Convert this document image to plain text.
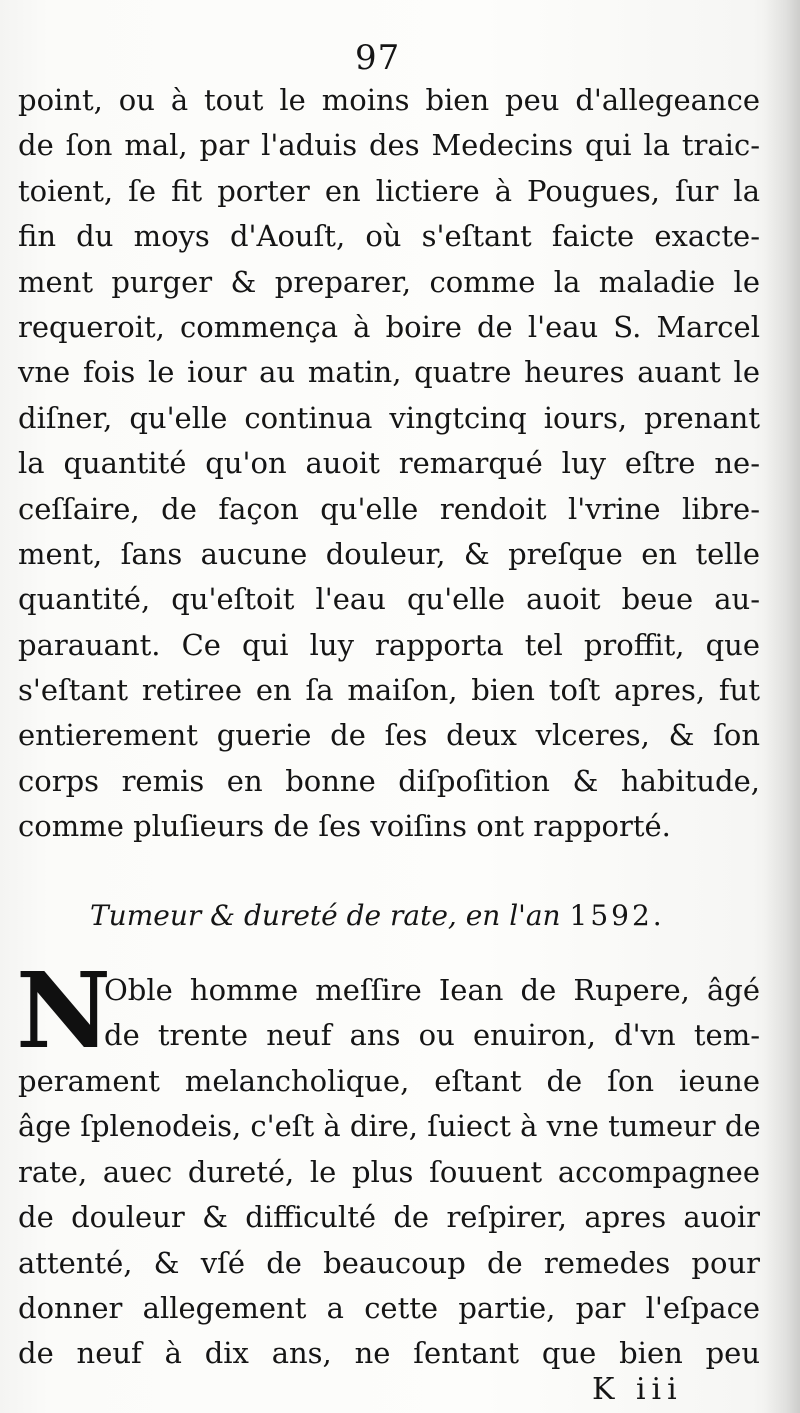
97
point, ou à tout le moins bien peu d'allegeance
de ſon mal, par l'aduis des Medecins qui la traic-
toient, ſe fit porter en lictiere à Pougues, ſur la
fin du moys d'Aouſt, où s'eſtant faicte exacte-
ment purger & preparer, comme la maladie le
requeroit, commença à boire de l'eau S. Marcel
vne fois le iour au matin, quatre heures auant le
diſner, qu'elle continua vingtcinq iours, prenant
la quantité qu'on auoit remarqué luy eſtre ne-
ceſſaire, de façon qu'elle rendoit l'vrine libre-
ment, ſans aucune douleur, & preſque en telle
quantité, qu'eſtoit l'eau qu'elle auoit beue au-
parauant. Ce qui luy rapporta tel proffit, que
s'eſtant retiree en ſa maiſon, bien toſt apres, fut
entierement guerie de ſes deux vlceres, & ſon
corps remis en bonne diſpoſition & habitude,
comme pluſieurs de ſes voiſins ont rapporté.
Tumeur & dureté de rate, en l'an 1592.
N
Oble homme meſſire Iean de Rupere, âgé
de trente neuf ans ou enuiron, d'vn tem-
perament melancholique, eſtant de ſon ieune
âge ſplenodeis, c'eſt à dire, ſuiect à vne tumeur de
rate, auec dureté, le plus ſouuent accompagnee
de douleur & difficulté de reſpirer, apres auoir
attenté, & vſé de beaucoup de remedes pour
donner allegement a cette partie, par l'eſpace
de neuf à dix ans, ne ſentant que bien peu
K iii
